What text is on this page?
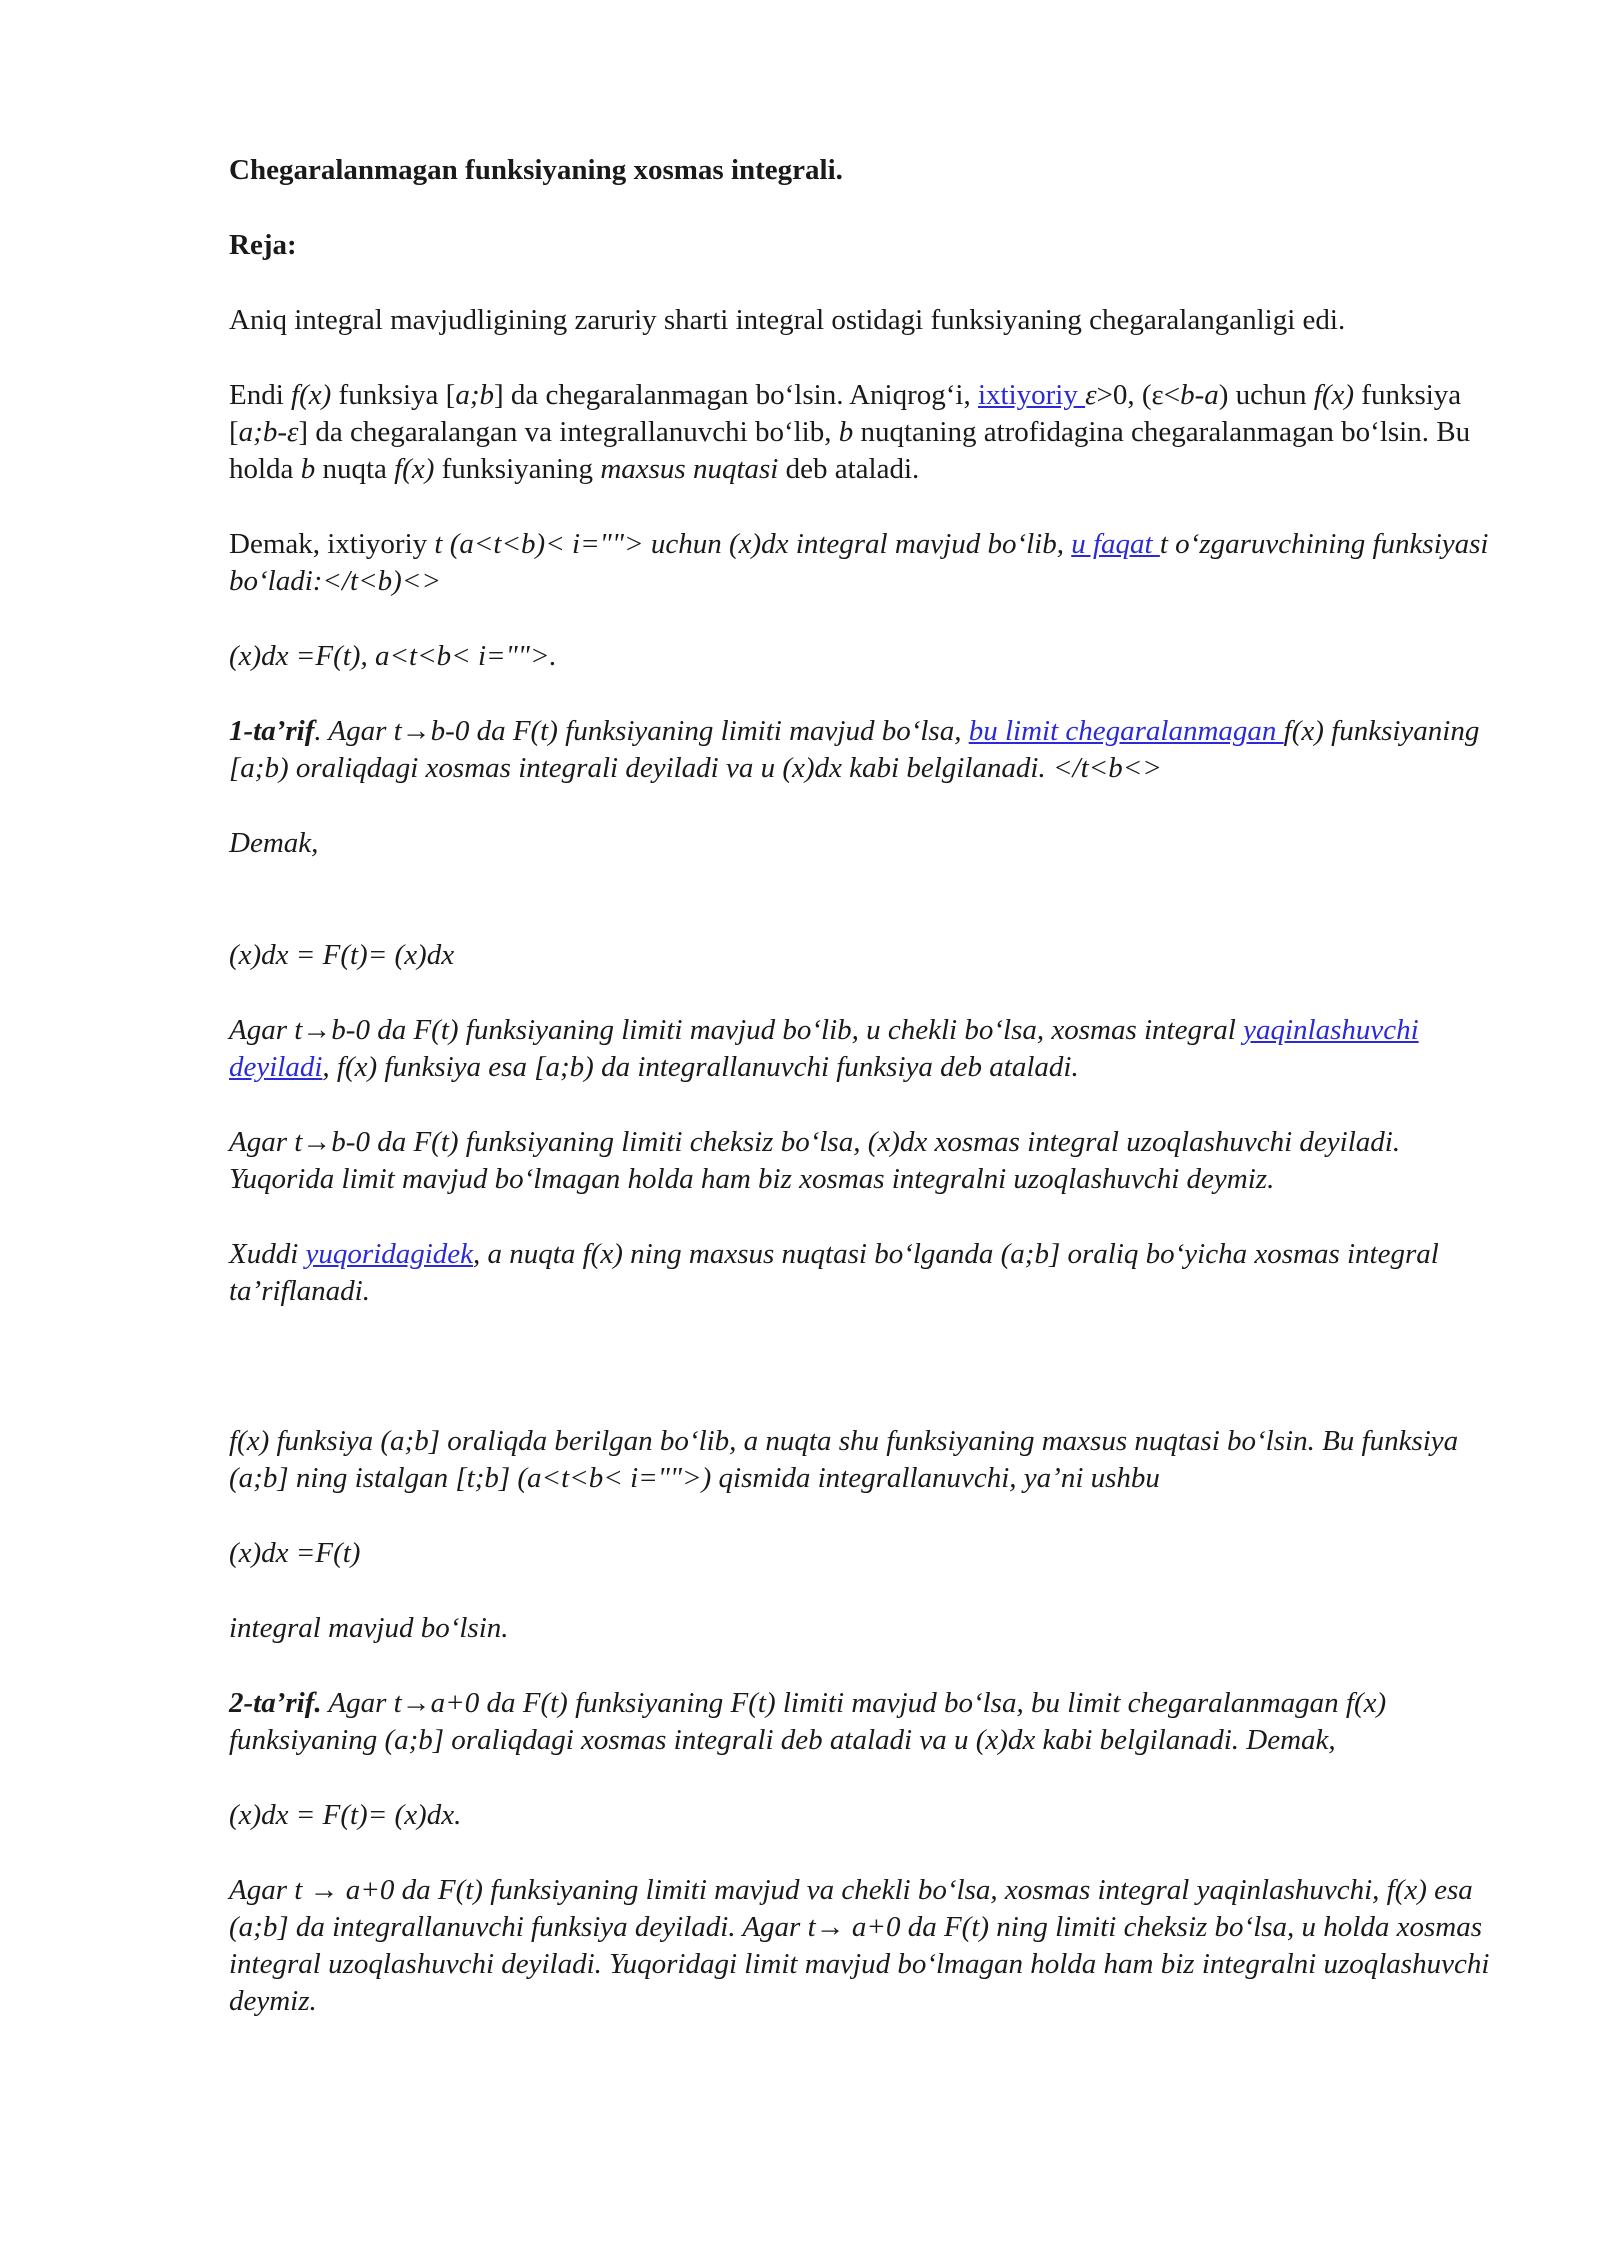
Chegaralanmagan funksiyaning xosmas integrali.

Reja:

Aniq integral mavjudligining zaruriy sharti integral ostidagi funksiyaning chegaralanganligi edi.

Endi f(x) funksiya [a;b] da chegaralanmagan bo‘lsin. Aniqrog‘i, ixtiyoriy ε>0, (ε<b-a) uchun f(x) funksiya [a;b-ε] da chegaralangan va integrallanuvchi bo‘lib, b nuqtaning atrofidagina chegaralanmagan bo‘lsin. Bu holda b nuqta f(x) funksiyaning maxsus nuqtasi deb ataladi.

Demak, ixtiyoriy t (a<t<b)< i=""> uchun (x)dx integral mavjud bo‘lib, u faqat t o‘zgaruvchining funksiyasi bo‘ladi:</t<b)<>

(x)dx =F(t), a<t<b< i="">.

1-ta’rif. Agar t→b-0 da F(t) funksiyaning limiti mavjud bo‘lsa, bu limit chegaralanmagan f(x) funksiyaning [a;b) oraliqdagi xosmas integrali deyiladi va u (x)dx kabi belgilanadi. </t<b<>

Demak,

(x)dx = F(t)= (x)dx

Agar t→b-0 da F(t) funksiyaning limiti mavjud bo‘lib, u chekli bo‘lsa, xosmas integral yaqinlashuvchi deyiladi, f(x) funksiya esa [a;b) da integrallanuvchi funksiya deb ataladi.

Agar t→b-0 da F(t) funksiyaning limiti cheksiz bo‘lsa, (x)dx xosmas integral uzoqlashuvchi deyiladi. Yuqorida limit mavjud bo‘lmagan holda ham biz xosmas integralni uzoqlashuvchi deymiz.

Xuddi yuqoridagidek, a nuqta f(x) ning maxsus nuqtasi bo‘lganda (a;b] oraliq bo‘yicha xosmas integral ta’riflanadi.

f(x) funksiya (a;b] oraliqda berilgan bo‘lib, a nuqta shu funksiyaning maxsus nuqtasi bo‘lsin. Bu funksiya (a;b] ning istalgan [t;b] (a<t<b< i="">) qismida integrallanuvchi, ya’ni ushbu

(x)dx =F(t)

integral mavjud bo‘lsin.

2-ta’rif. Agar t→a+0 da F(t) funksiyaning F(t) limiti mavjud bo‘lsa, bu limit chegaralanmagan f(x) funksiyaning (a;b] oraliqdagi xosmas integrali deb ataladi va u (x)dx kabi belgilanadi. Demak,

(x)dx = F(t)= (x)dx.

Agar t → a+0 da F(t) funksiyaning limiti mavjud va chekli bo‘lsa, xosmas integral yaqinlashuvchi, f(x) esa (a;b] da integrallanuvchi funksiya deyiladi. Agar t→ a+0 da F(t) ning limiti cheksiz bo‘lsa, u holda xosmas integral uzoqlashuvchi deyiladi. Yuqoridagi limit mavjud bo‘lmagan holda ham biz integralni uzoqlashuvchi deymiz.
